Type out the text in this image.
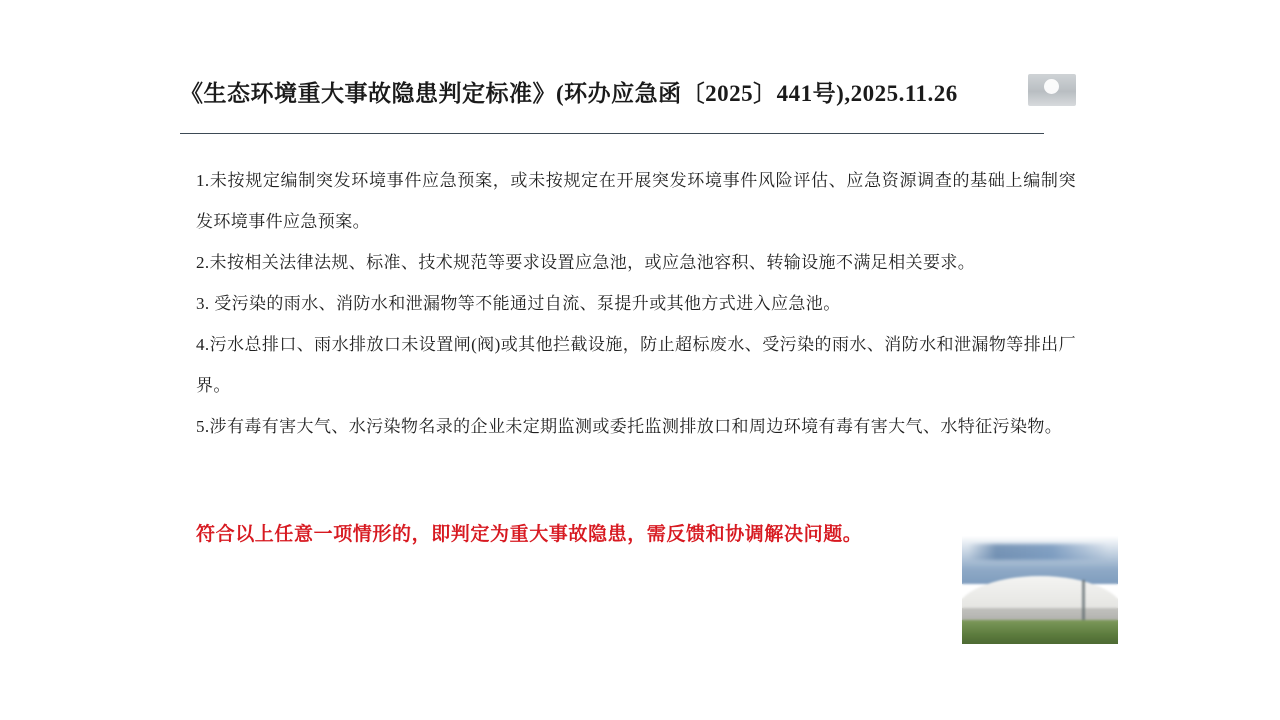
《生态环境重大事故隐患判定标准》(环办应急函〔2025〕441号),2025.11.26

1.未按规定编制突发环境事件应急预案，或未按规定在开展突发环境事件风险评估、应急资源调查的基础上编制突发环境事件应急预案。

2.未按相关法律法规、标准、技术规范等要求设置应急池，或应急池容积、转输设施不满足相关要求。

3. 受污染的雨水、消防水和泄漏物等不能通过自流、泵提升或其他方式进入应急池。

4.污水总排口、雨水排放口未设置闸(阀)或其他拦截设施，防止超标废水、受污染的雨水、消防水和泄漏物等排出厂界。

5.涉有毒有害大气、水污染物名录的企业未定期监测或委托监测排放口和周边环境有毒有害大气、水特征污染物。

符合以上任意一项情形的，即判定为重大事故隐患，需反馈和协调解决问题。
